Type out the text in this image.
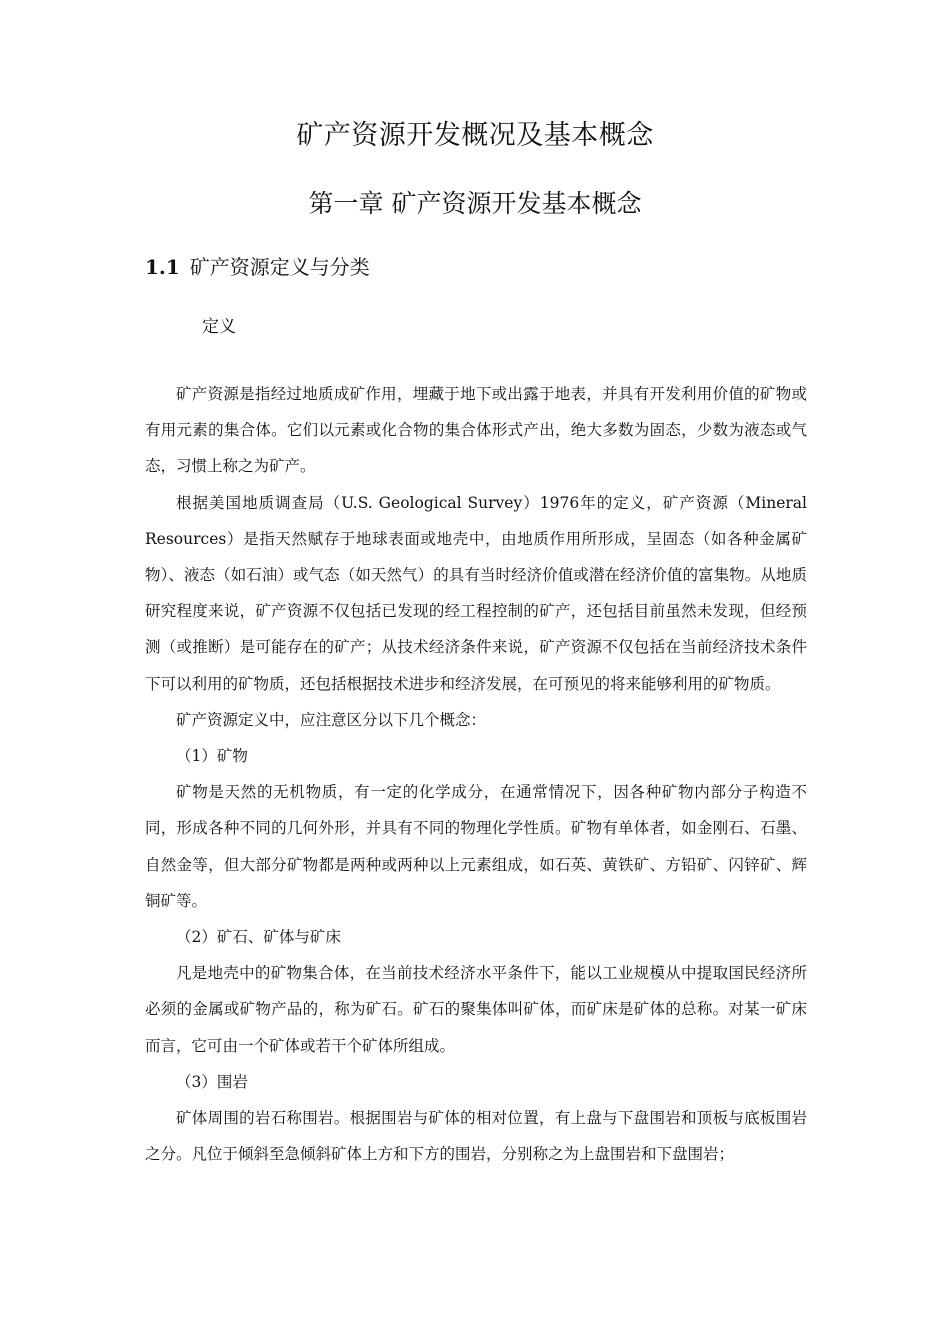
矿产资源开发概况及基本概念
第一章 矿产资源开发基本概念
1.1 矿产资源定义与分类
定义

矿产资源是指经过地质成矿作用，埋藏于地下或出露于地表，并具有开发利用价值的矿物或有用元素的集合体。它们以元素或化合物的集合体形式产出，绝大多数为固态，少数为液态或气态，习惯上称之为矿产。

根据美国地质调查局（U.S. Geological Survey）1976年的定义，矿产资源（Mineral Resources）是指天然赋存于地球表面或地壳中，由地质作用所形成，呈固态（如各种金属矿物）、液态（如石油）或气态（如天然气）的具有当时经济价值或潜在经济价值的富集物。从地质研究程度来说，矿产资源不仅包括已发现的经工程控制的矿产，还包括目前虽然未发现，但经预测（或推断）是可能存在的矿产；从技术经济条件来说，矿产资源不仅包括在当前经济技术条件下可以利用的矿物质，还包括根据技术进步和经济发展，在可预见的将来能够利用的矿物质。

矿产资源定义中，应注意区分以下几个概念：

（1）矿物

矿物是天然的无机物质，有一定的化学成分，在通常情况下，因各种矿物内部分子构造不同，形成各种不同的几何外形，并具有不同的物理化学性质。矿物有单体者，如金刚石、石墨、自然金等，但大部分矿物都是两种或两种以上元素组成，如石英、黄铁矿、方铅矿、闪锌矿、辉铜矿等。

（2）矿石、矿体与矿床

凡是地壳中的矿物集合体，在当前技术经济水平条件下，能以工业规模从中提取国民经济所必须的金属或矿物产品的，称为矿石。矿石的聚集体叫矿体，而矿床是矿体的总称。对某一矿床而言，它可由一个矿体或若干个矿体所组成。

（3）围岩

矿体周围的岩石称围岩。根据围岩与矿体的相对位置，有上盘与下盘围岩和顶板与底板围岩之分。凡位于倾斜至急倾斜矿体上方和下方的围岩，分别称之为上盘围岩和下盘围岩；
